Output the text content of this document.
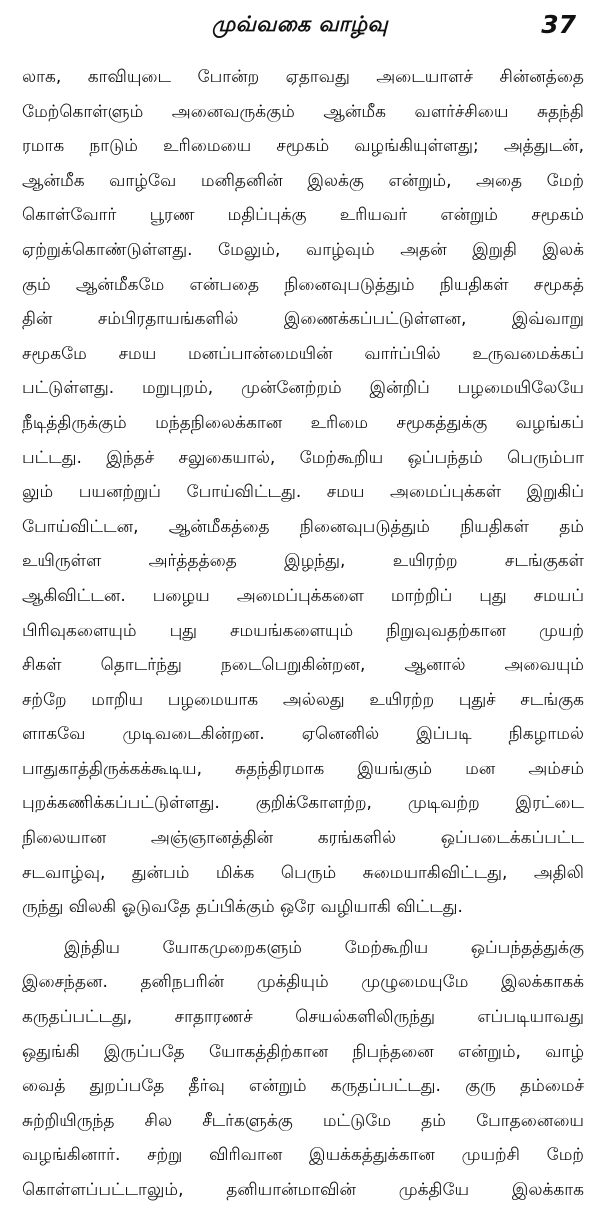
முவ்வகை வாழ்வு	37
லாக, காவியுடை போன்ற ஏதாவது அடையாளச் சின்னத்தை
மேற்கொள்ளும் அனைவருக்கும் ஆன்மீக வளர்ச்சியை சுதந்தி
ரமாக நாடும் உரிமையை சமூகம் வழங்கியுள்ளது; அத்துடன்,
ஆன்மீக வாழ்வே மனிதனின் இலக்கு என்றும், அதை மேற்
கொள்வோர் பூரண மதிப்புக்கு உரியவர் என்றும் சமூகம்
ஏற்றுக்கொண்டுள்ளது. மேலும், வாழ்வும் அதன் இறுதி இலக்
கும் ஆன்மீகமே என்பதை நினைவுபடுத்தும் நியதிகள் சமூகத்
தின் சம்பிரதாயங்களில் இணைக்கப்பட்டுள்ளன, இவ்வாறு
சமூகமே சமய மனப்பான்மையின் வார்ப்பில் உருவமைக்கப்
பட்டுள்ளது. மறுபுறம், முன்னேற்றம் இன்றிப் பழமையிலேயே
நீடித்திருக்கும் மந்தநிலைக்கான உரிமை சமூகத்துக்கு வழங்கப்
பட்டது. இந்தச் சலுகையால், மேற்கூறிய ஒப்பந்தம் பெரும்பா
லும் பயனற்றுப் போய்விட்டது. சமய அமைப்புக்கள் இறுகிப்
போய்விட்டன, ஆன்மீகத்தை நினைவுபடுத்தும் நியதிகள் தம்
உயிருள்ள அர்த்தத்தை இழந்து, உயிரற்ற சடங்குகள்
ஆகிவிட்டன. பழைய அமைப்புக்களை மாற்றிப் புது சமயப்
பிரிவுகளையும் புது சமயங்களையும் நிறுவுவதற்கான முயற்
சிகள் தொடர்ந்து நடைபெறுகின்றன, ஆனால் அவையும்
சற்றே மாறிய பழமையாக அல்லது உயிரற்ற புதுச் சடங்குக
ளாகவே முடிவடைகின்றன. ஏனெனில் இப்படி நிகழாமல்
பாதுகாத்திருக்கக்கூடிய, சுதந்திரமாக இயங்கும் மன அம்சம்
புறக்கணிக்கப்பட்டுள்ளது. குறிக்கோளற்ற, முடிவற்ற இரட்டை
நிலையான அஞ்ஞானத்தின் கரங்களில் ஒப்படைக்கப்பட்ட
சடவாழ்வு, துன்பம் மிக்க பெரும் சுமையாகிவிட்டது, அதிலி
ருந்து விலகி ஓடுவதே தப்பிக்கும் ஒரே வழியாகி விட்டது.
இந்திய யோகமுறைகளும் மேற்கூறிய ஒப்பந்தத்துக்கு
இசைந்தன. தனிநபரின் முக்தியும் முழுமையுமே இலக்காகக்
கருதப்பட்டது, சாதாரணச் செயல்களிலிருந்து எப்படியாவது
ஒதுங்கி இருப்பதே யோகத்திற்கான நிபந்தனை என்றும், வாழ்
வைத் துறப்பதே தீர்வு என்றும் கருதப்பட்டது. குரு தம்மைச்
சுற்றியிருந்த சில சீடர்களுக்கு மட்டுமே தம் போதனையை
வழங்கினார். சற்று விரிவான இயக்கத்துக்கான முயற்சி மேற்
கொள்ளப்பட்டாலும், தனியான்மாவின் முக்தியே இலக்காக
